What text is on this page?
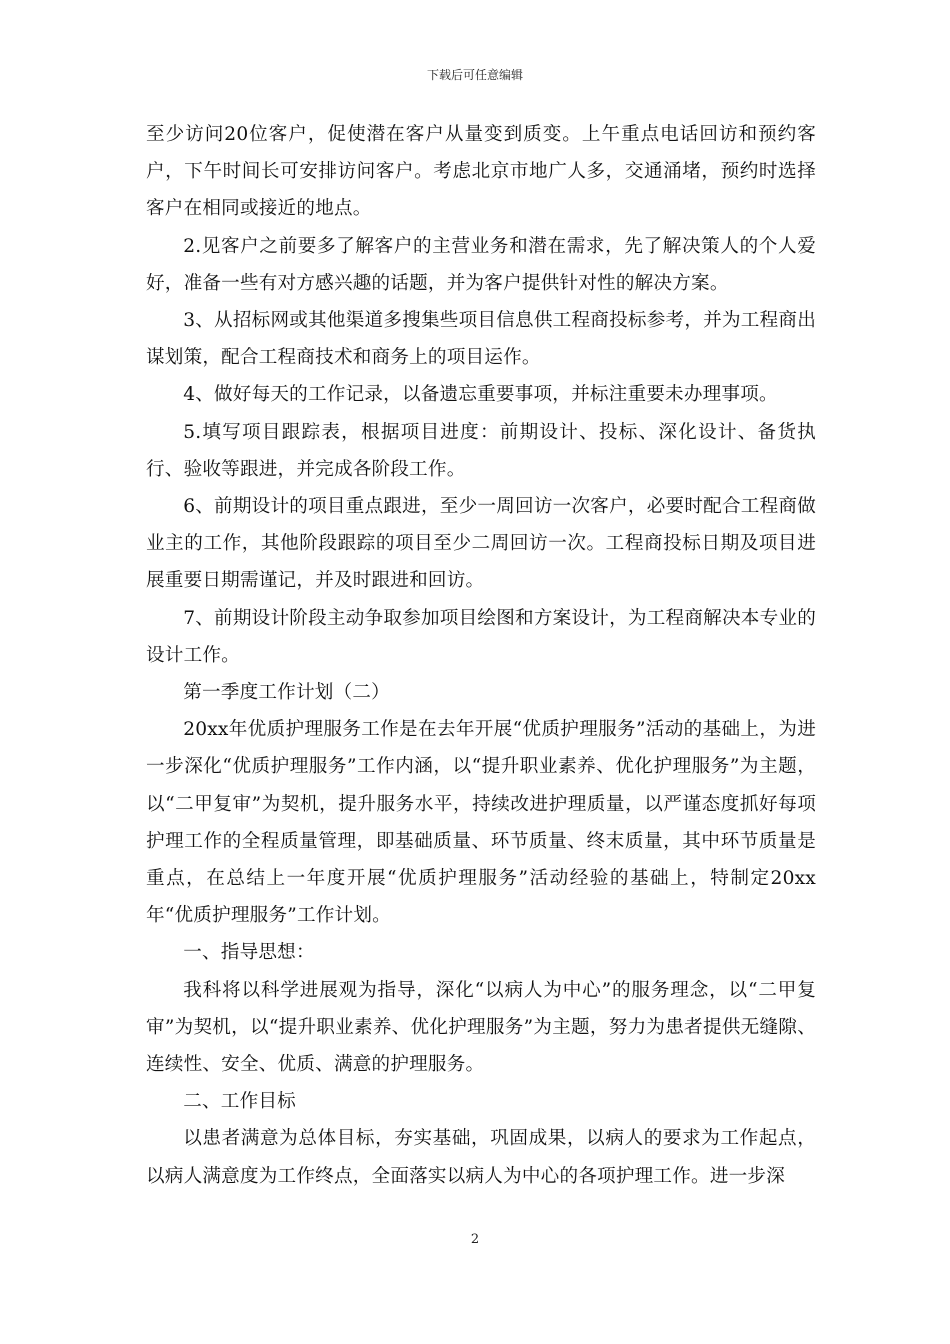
下载后可任意编辑

至少访问20位客户，促使潜在客户从量变到质变。上午重点电话回访和预约客户，下午时间长可安排访问客户。考虑北京市地广人多，交通涌堵，预约时选择客户在相同或接近的地点。

2.见客户之前要多了解客户的主营业务和潜在需求，先了解决策人的个人爱好，准备一些有对方感兴趣的话题，并为客户提供针对性的解决方案。

3、从招标网或其他渠道多搜集些项目信息供工程商投标参考，并为工程商出谋划策，配合工程商技术和商务上的项目运作。

4、做好每天的工作记录，以备遗忘重要事项，并标注重要未办理事项。

5.填写项目跟踪表，根据项目进度：前期设计、投标、深化设计、备货执行、验收等跟进，并完成各阶段工作。

6、前期设计的项目重点跟进，至少一周回访一次客户，必要时配合工程商做业主的工作，其他阶段跟踪的项目至少二周回访一次。工程商投标日期及项目进展重要日期需谨记，并及时跟进和回访。

7、前期设计阶段主动争取参加项目绘图和方案设计，为工程商解决本专业的设计工作。

第一季度工作计划（二）

20xx年优质护理服务工作是在去年开展“优质护理服务”活动的基础上，为进一步深化“优质护理服务”工作内涵，以“提升职业素养、优化护理服务”为主题，以“二甲复审”为契机，提升服务水平，持续改进护理质量，以严谨态度抓好每项护理工作的全程质量管理，即基础质量、环节质量、终末质量，其中环节质量是重点，在总结上一年度开展“优质护理服务”活动经验的基础上，特制定20xx年“优质护理服务”工作计划。

一、指导思想：

我科将以科学进展观为指导，深化“以病人为中心”的服务理念，以“二甲复审”为契机，以“提升职业素养、优化护理服务”为主题，努力为患者提供无缝隙、连续性、安全、优质、满意的护理服务。

二、工作目标

以患者满意为总体目标，夯实基础，巩固成果，以病人的要求为工作起点，以病人满意度为工作终点，全面落实以病人为中心的各项护理工作。进一步深

2
